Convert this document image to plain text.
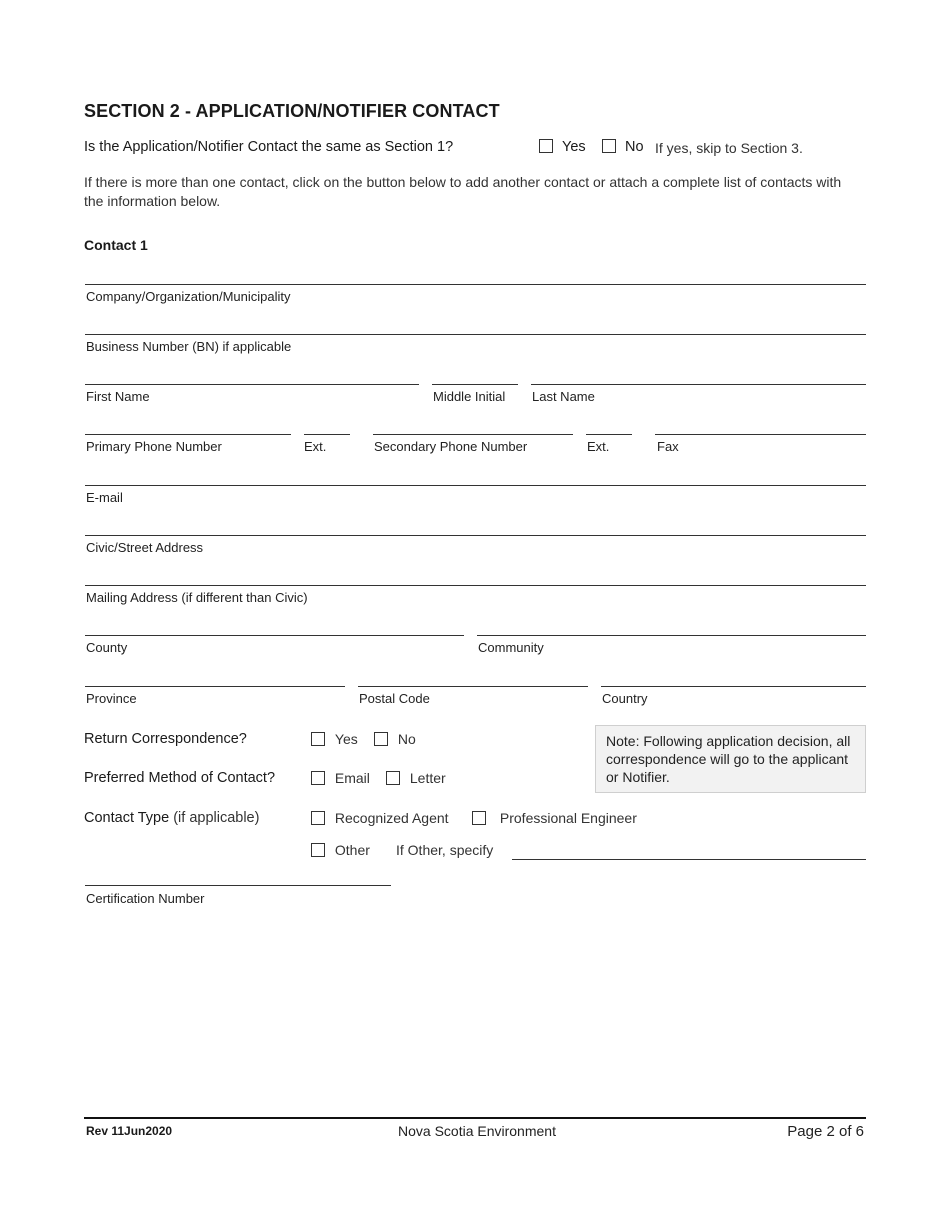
SECTION 2 - APPLICATION/NOTIFIER CONTACT
Is the Application/Notifier Contact the same as Section 1?	Yes	No If yes, skip to Section 3.
If there is more than one contact, click on the button below to add another contact or attach a complete list of contacts with the information below.
Contact 1
Company/Organization/Municipality
Business Number (BN) if applicable
First Name	Middle Initial Last Name
Primary Phone Number	Ext.	Secondary Phone Number	Ext.	Fax
E-mail
Civic/Street Address
Mailing Address (if different than Civic)
County	Community
Province	Postal Code	Country
Return Correspondence?	Yes	No	Note: Following application decision, all correspondence will go to the applicant or Notifier.
Preferred Method of Contact?	Email	Letter
Contact Type (if applicable)	Recognized Agent	Professional Engineer
Other If Other, specify
Certification Number
Rev 11Jun2020	Nova Scotia Environment	Page 2 of 6
